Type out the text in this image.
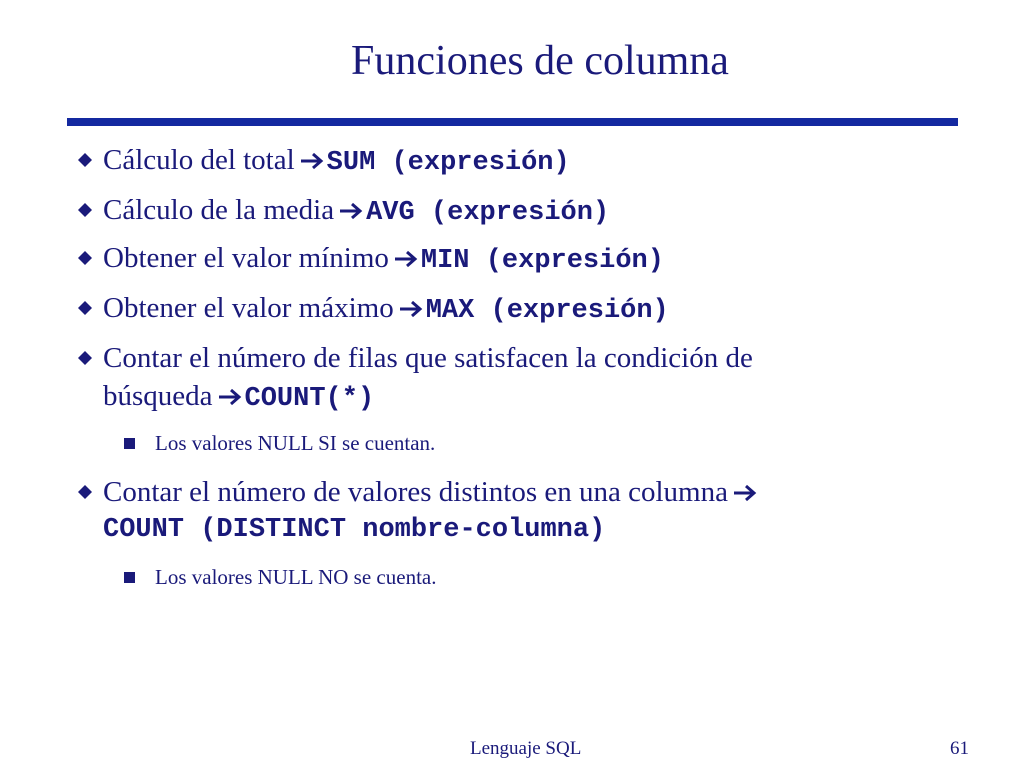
Funciones de columna
Cálculo del total SUM (expresión)
Cálculo de la media AVG (expresión)
Obtener el valor mínimo MIN (expresión)
Obtener el valor máximo MAX (expresión)
Contar el número de filas que satisfacen la condición de
búsqueda COUNT(*)
Los valores NULL SI se cuentan.
Contar el número de valores distintos en una columna
COUNT (DISTINCT nombre-columna)
Los valores NULL NO se cuenta.
Lenguaje SQL	61
